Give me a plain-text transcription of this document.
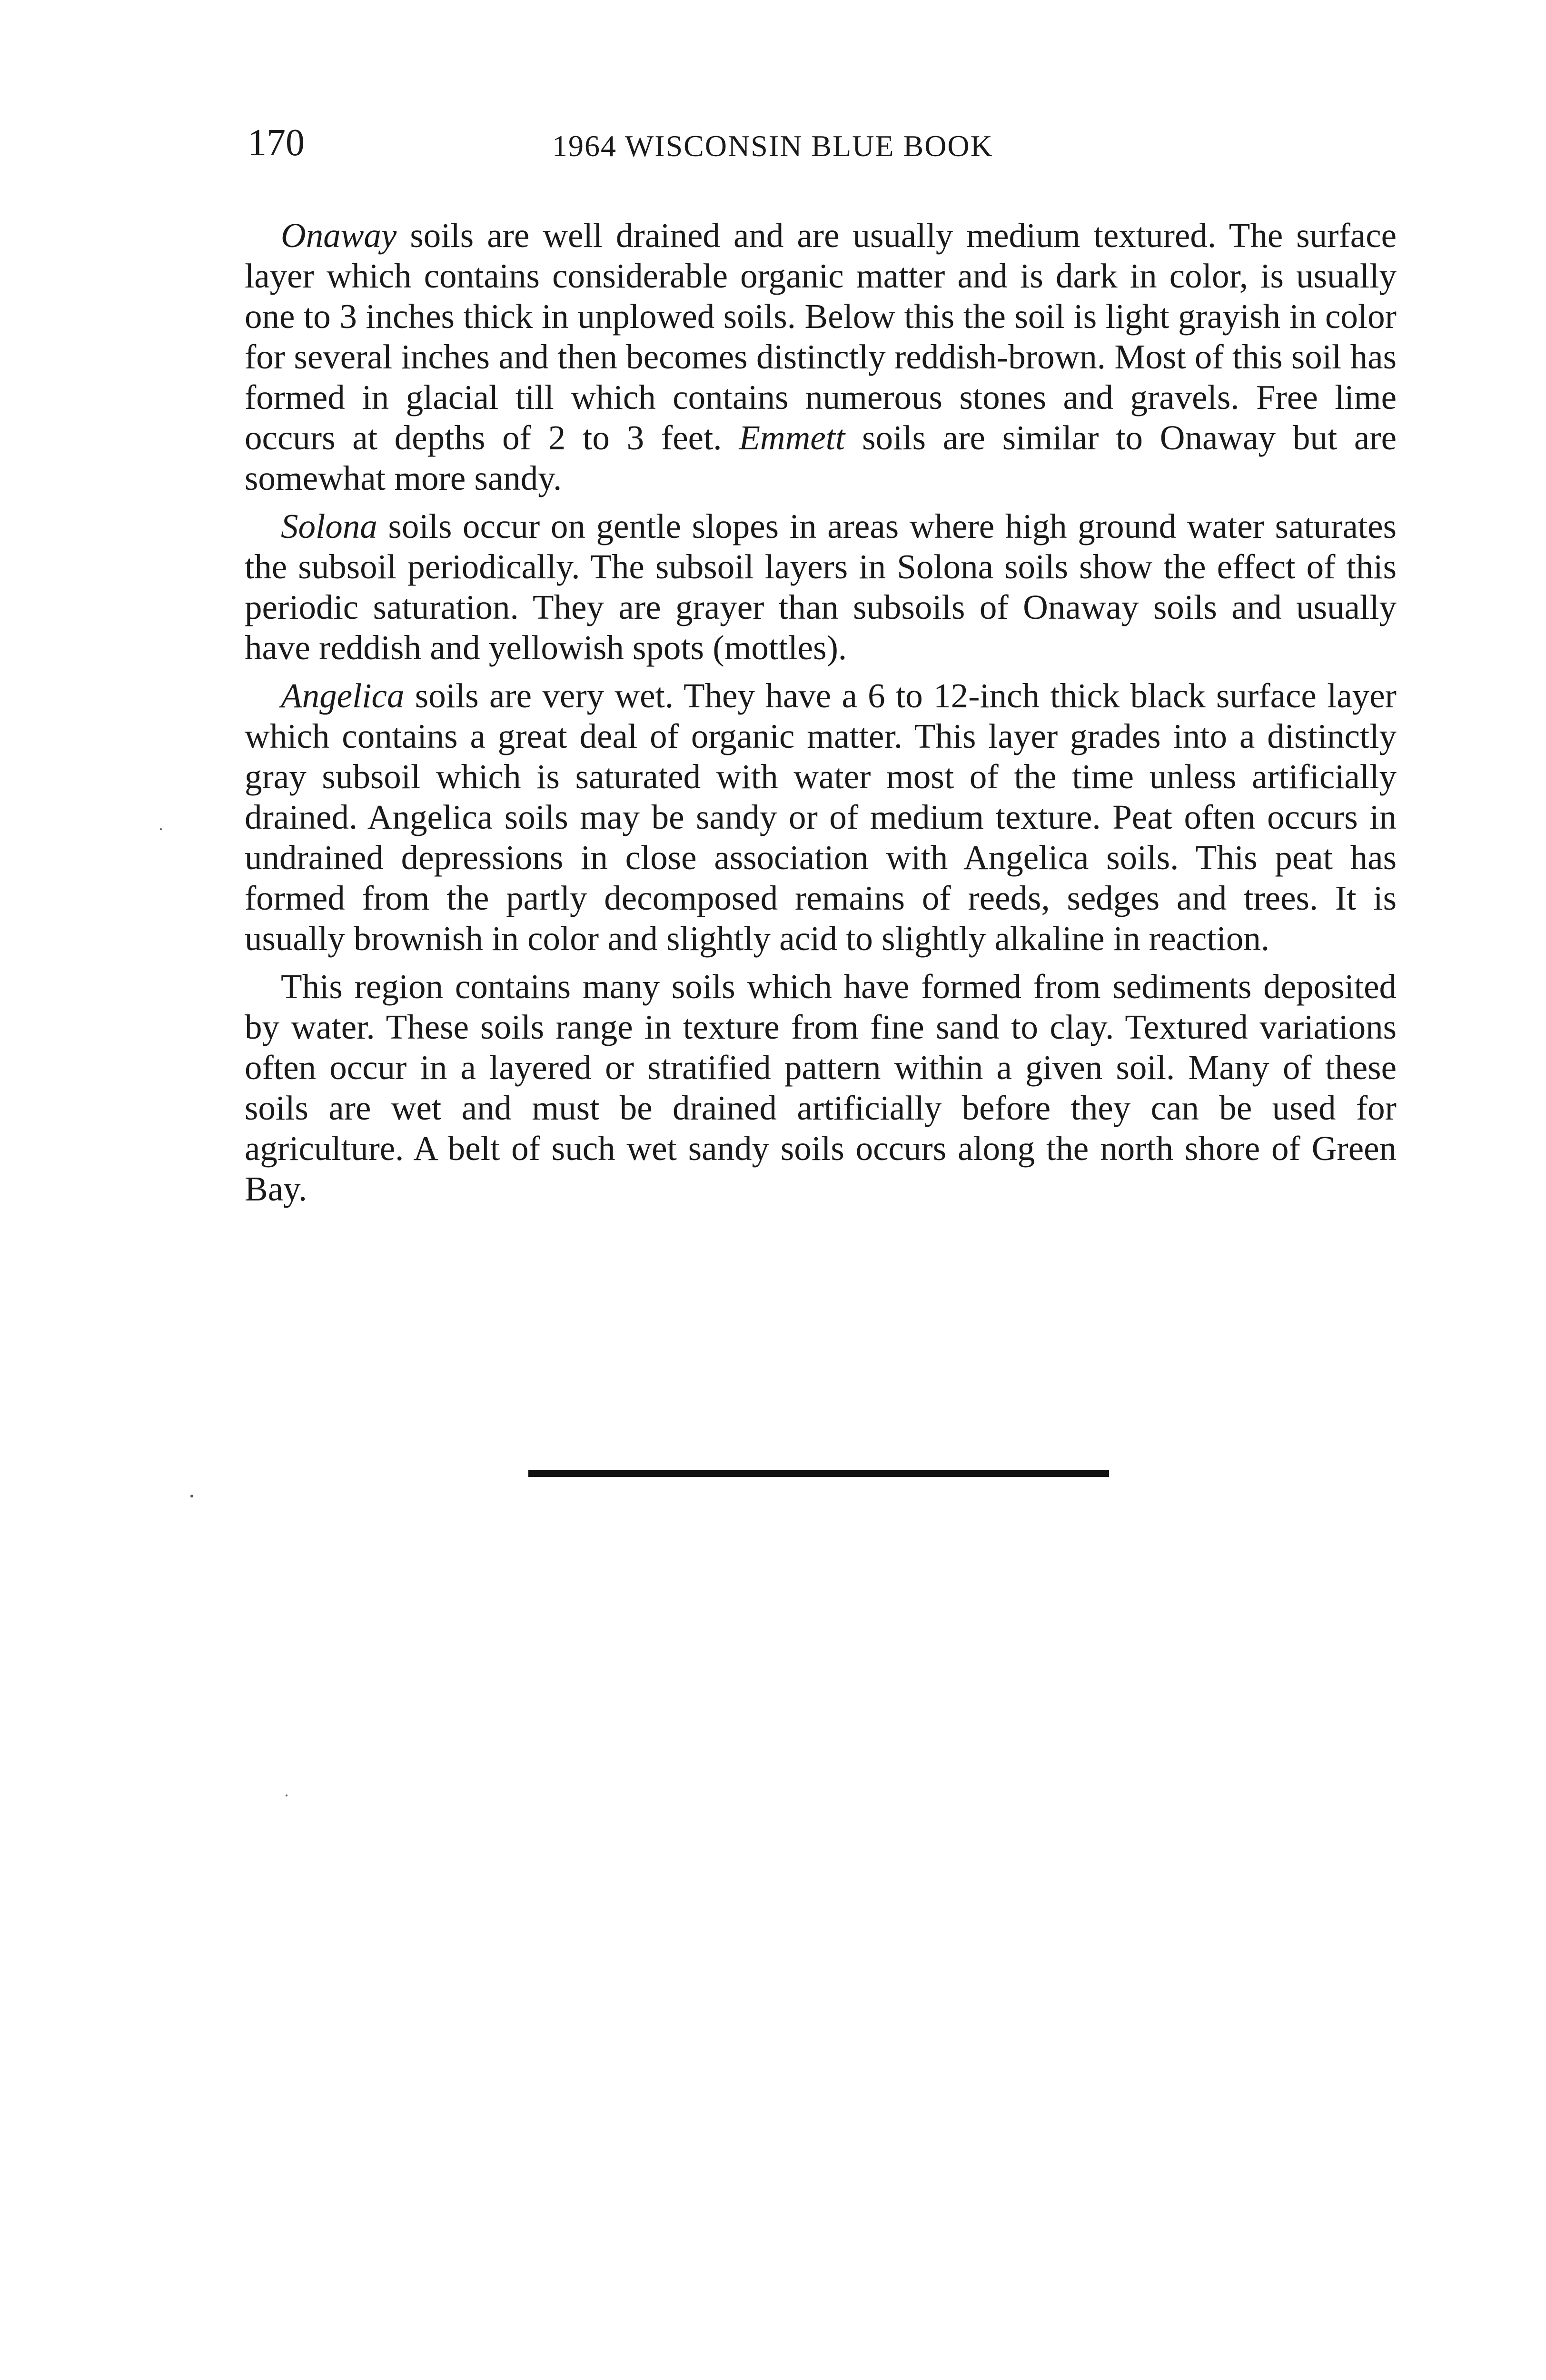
170	1964 WISCONSIN BLUE BOOK

Onaway soils are well drained and are usually medium textured. The surface layer which contains considerable organic matter and is dark in color, is usually one to 3 inches thick in unplowed soils. Below this the soil is light grayish in color for several inches and then becomes distinctly reddish-brown. Most of this soil has formed in glacial till which contains numerous stones and gravels. Free lime occurs at depths of 2 to 3 feet. Emmett soils are similar to Onaway but are somewhat more sandy.

Solona soils occur on gentle slopes in areas where high ground water saturates the subsoil periodically. The subsoil layers in Solona soils show the effect of this periodic saturation. They are grayer than subsoils of Onaway soils and usually have reddish and yellowish spots (mottles).

Angelica soils are very wet. They have a 6 to 12-inch thick black surface layer which contains a great deal of organic matter. This layer grades into a distinctly gray subsoil which is saturated with water most of the time unless artificially drained. Angelica soils may be sandy or of medium texture. Peat often occurs in undrained depressions in close association with Angelica soils. This peat has formed from the partly decomposed remains of reeds, sedges and trees. It is usually brownish in color and slightly acid to slightly alkaline in reaction.

This region contains many soils which have formed from sediments deposited by water. These soils range in texture from fine sand to clay. Textured variations often occur in a layered or stratified pattern within a given soil. Many of these soils are wet and must be drained artificially before they can be used for agriculture. A belt of such wet sandy soils occurs along the north shore of Green Bay.
